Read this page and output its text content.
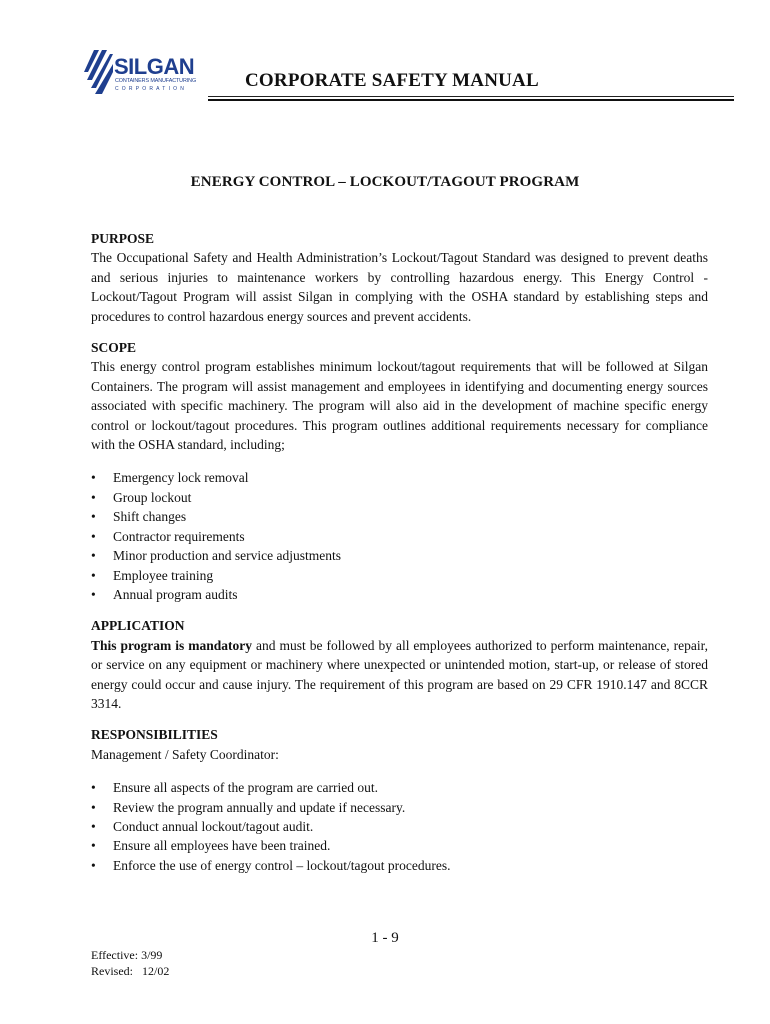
SILGAN
CONTAINERS MANUFACTURING
CORPORATION	CORPORATE SAFETY MANUAL
ENERGY CONTROL – LOCKOUT/TAGOUT PROGRAM
PURPOSE

The Occupational Safety and Health Administration’s Lockout/Tagout Standard was designed to prevent deaths and serious injuries to maintenance workers by controlling hazardous energy. This Energy Control - Lockout/Tagout Program will assist Silgan in complying with the OSHA standard by establishing steps and procedures to control hazardous energy sources and prevent accidents.

SCOPE

This energy control program establishes minimum lockout/tagout requirements that will be followed at Silgan Containers. The program will assist management and employees in identifying and documenting energy sources associated with specific machinery. The program will also aid in the development of machine specific energy control or lockout/tagout procedures. This program outlines additional requirements necessary for compliance with the OSHA standard, including;

• Emergency lock removal
• Group lockout
• Shift changes
• Contractor requirements
• Minor production and service adjustments
• Employee training
• Annual program audits
APPLICATION

This program is mandatory and must be followed by all employees authorized to perform maintenance, repair, or service on any equipment or machinery where unexpected or unintended motion, start-up, or release of stored energy could occur and cause injury. The requirement of this program are based on 29 CFR 1910.147 and 8CCR 3314.

RESPONSIBILITIES
Management / Safety Coordinator:
• Ensure all aspects of the program are carried out.
• Review the program annually and update if necessary.
• Conduct annual lockout/tagout audit.
• Ensure all employees have been trained.
• Enforce the use of energy control – lockout/tagout procedures.
1 - 9
Effective: 3/99
Revised:   12/02
